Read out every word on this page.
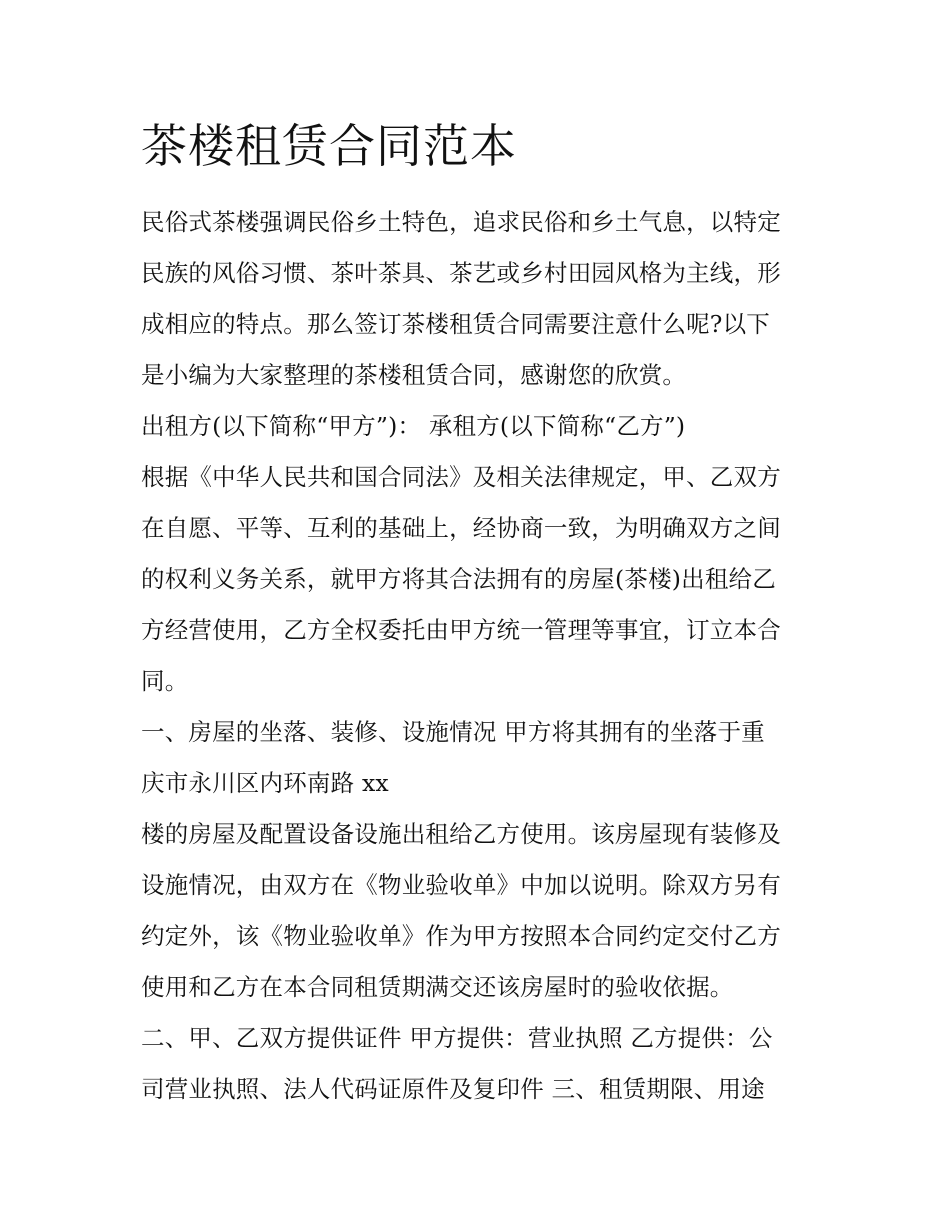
茶楼租赁合同范本

民俗式茶楼强调民俗乡土特色，追求民俗和乡土气息，以特定

民族的风俗习惯、茶叶茶具、茶艺或乡村田园风格为主线，形

成相应的特点。那么签订茶楼租赁合同需要注意什么呢?以下

是小编为大家整理的茶楼租赁合同，感谢您的欣赏。

出租方(以下简称“甲方”)： 承租方(以下简称“乙方”)

根据《中华人民共和国合同法》及相关法律规定，甲、乙双方

在自愿、平等、互利的基础上，经协商一致，为明确双方之间

的权利义务关系，就甲方将其合法拥有的房屋(茶楼)出租给乙

方经营使用，乙方全权委托由甲方统一管理等事宜，订立本合

同。

一、房屋的坐落、装修、设施情况 甲方将其拥有的坐落于重

庆市永川区内环南路 xx

楼的房屋及配置设备设施出租给乙方使用。该房屋现有装修及

设施情况，由双方在《物业验收单》中加以说明。除双方另有

约定外，该《物业验收单》作为甲方按照本合同约定交付乙方

使用和乙方在本合同租赁期满交还该房屋时的验收依据。

二、甲、乙双方提供证件 甲方提供：营业执照 乙方提供：公

司营业执照、法人代码证原件及复印件 三、租赁期限、用途
